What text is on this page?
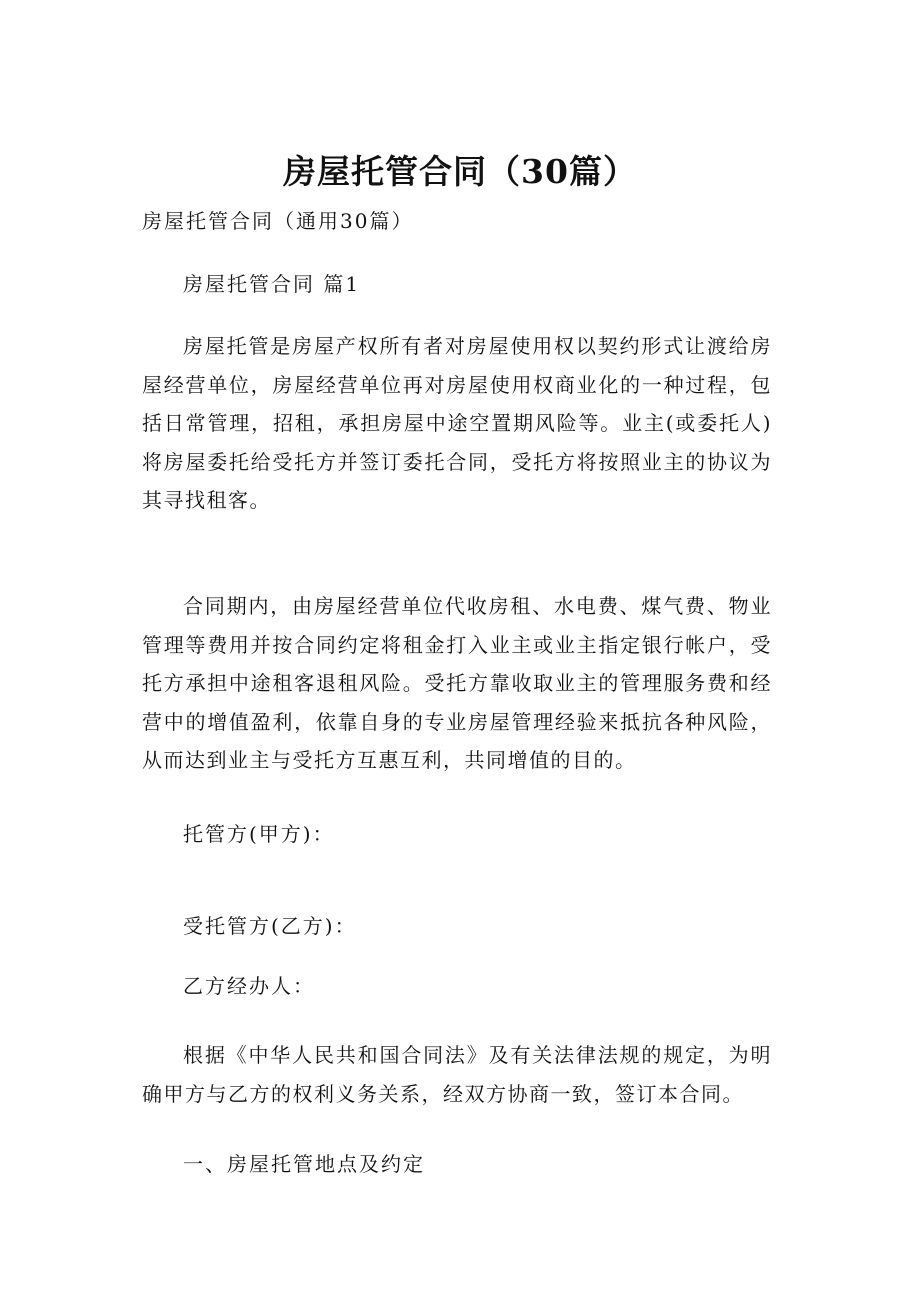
房屋托管合同（30篇）
房屋托管合同（通用30篇）
房屋托管合同 篇1
房屋托管是房屋产权所有者对房屋使用权以契约形式让渡给房屋经营单位，房屋经营单位再对房屋使用权商业化的一种过程，包括日常管理，招租，承担房屋中途空置期风险等。业主(或委托人)将房屋委托给受托方并签订委托合同，受托方将按照业主的协议为其寻找租客。
合同期内，由房屋经营单位代收房租、水电费、煤气费、物业管理等费用并按合同约定将租金打入业主或业主指定银行帐户，受托方承担中途租客退租风险。受托方靠收取业主的管理服务费和经营中的增值盈利，依靠自身的专业房屋管理经验来抵抗各种风险，从而达到业主与受托方互惠互利，共同增值的目的。
托管方(甲方)：
受托管方(乙方)：
乙方经办人：
根据《中华人民共和国合同法》及有关法律法规的规定，为明确甲方与乙方的权利义务关系，经双方协商一致，签订本合同。
一、房屋托管地点及约定
